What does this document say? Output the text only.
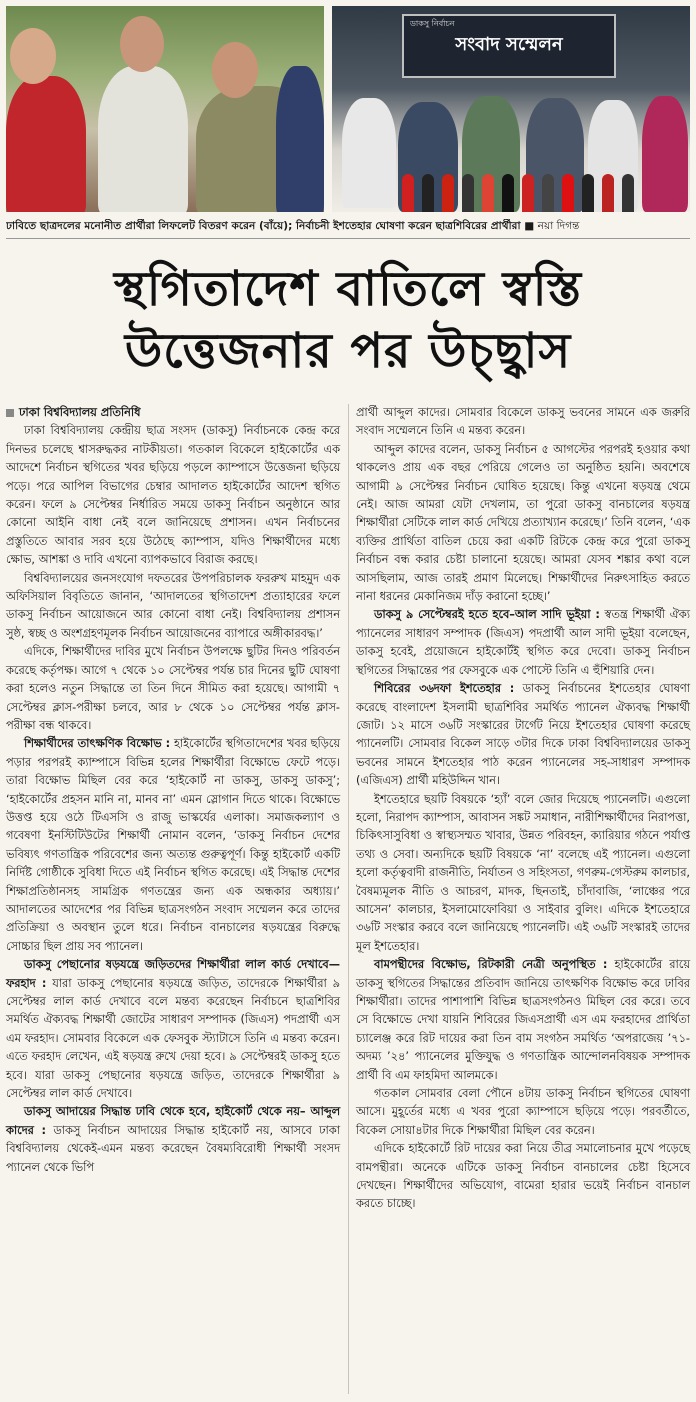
ডাকসু নির্বাচন
সংবাদ সম্মেলন
ঢাবিতে ছাত্রদলের মনোনীত প্রার্থীরা লিফলেট বিতরণ করেন (বাঁয়ে); নির্বাচনী ইশতেহার ঘোষণা করেন ছাত্রশিবিরের প্রার্থীরা ■ নয়া দিগন্ত
স্থগিতাদেশ বাতিলে স্বস্তি
উত্তেজনার পর উচ্ছ্বাস

ঢাকা বিশ্ববিদ্যালয় প্রতিনিধি

ঢাকা বিশ্ববিদ্যালয় কেন্দ্রীয় ছাত্র সংসদ (ডাকসু) নির্বাচনকে কেন্দ্র করে দিনভর চলেছে শ্বাসরুদ্ধকর নাটকীয়তা। গতকাল বিকেলে হাইকোর্টের এক আদেশে নির্বাচন স্থগিতের খবর ছড়িয়ে পড়লে ক্যাম্পাসে উত্তেজনা ছড়িয়ে পড়ে। পরে আপিল বিভাগের চেম্বার আদালত হাইকোর্টের আদেশ স্থগিত করেন। ফলে ৯ সেপ্টেম্বর নির্ধারিত সময়ে ডাকসু নির্বাচন অনুষ্ঠানে আর কোনো আইনি বাধা নেই বলে জানিয়েছে প্রশাসন। এখন নির্বাচনের প্রস্তুতিতে আবার সরব হয়ে উঠেছে ক্যাম্পাস, যদিও শিক্ষার্থীদের মধ্যে ক্ষোভ, আশঙ্কা ও দাবি এখনো ব্যাপকভাবে বিরাজ করছে।

বিশ্ববিদ্যালয়ের জনসংযোগ দফতরের উপপরিচালক ফররুখ মাহমুদ এক অফিসিয়াল বিবৃতিতে জানান, ‘আদালতের স্থগিতাদেশ প্রত্যাহারের ফলে ডাকসু নির্বাচন আয়োজনে আর কোনো বাধা নেই। বিশ্ববিদ্যালয় প্রশাসন সুষ্ঠ, স্বচ্ছ ও অংশগ্রহণমূলক নির্বাচন আয়োজনের ব্যাপারে অঙ্গীকারবদ্ধ।’

এদিকে, শিক্ষার্থীদের দাবির মুখে নির্বাচন উপলক্ষে ছুটির দিনও পরিবর্তন করেছে কর্তৃপক্ষ। আগে ৭ থেকে ১০ সেপ্টেম্বর পর্যন্ত চার দিনের ছুটি ঘোষণা করা হলেও নতুন সিদ্ধান্তে তা তিন দিনে সীমিত করা হয়েছে। আগামী ৭ সেপ্টেম্বর ক্লাস-পরীক্ষা চলবে, আর ৮ থেকে ১০ সেপ্টেম্বর পর্যন্ত ক্লাস-পরীক্ষা বন্ধ থাকবে।

শিক্ষার্থীদের তাৎক্ষণিক বিক্ষোভ : হাইকোর্টের স্থগিতাদেশের খবর ছড়িয়ে পড়ার পরপরই ক্যাম্পাসে বিভিন্ন হলের শিক্ষার্থীরা বিক্ষোভে ফেটে পড়ে। তারা বিক্ষোভ মিছিল বের করে ‘হাইকোর্ট না ডাকসু, ডাকসু ডাকসু’; ‘হাইকোর্টের প্রহসন মানি না, মানব না’ এমন স্লোগান দিতে থাকে। বিক্ষোভে উত্তপ্ত হয়ে ওঠে টিএসসি ও রাজু ভাস্কর্যের এলাকা। সমাজকল্যাণ ও গবেষণা ইনস্টিটিউটের শিক্ষার্থী নোমান বলেন, ‘ডাকসু নির্বাচন দেশের ভবিষ্যৎ গণতান্ত্রিক পরিবেশের জন্য অত্যন্ত গুরুত্বপূর্ণ। কিন্তু হাইকোর্ট একটি নির্দিষ্ট গোষ্ঠীকে সুবিধা দিতে এই নির্বাচন স্থগিত করেছে। এই সিদ্ধান্ত দেশের শিক্ষাপ্রতিষ্ঠানসহ সামগ্রিক গণতন্ত্রের জন্য এক অন্ধকার অধ্যায়।’ আদালতের আদেশের পর বিভিন্ন ছাত্রসংগঠন সংবাদ সম্মেলন করে তাদের প্রতিক্রিয়া ও অবস্থান তুলে ধরে। নির্বাচন বানচালের ষড়যন্ত্রের বিরুদ্ধে সোচ্চার ছিল প্রায় সব প্যানেল।

ডাকসু পেছানোর ষড়যন্ত্রে জড়িতদের শিক্ষার্থীরা লাল কার্ড দেখাবে— ফরহাদ : যারা ডাকসু পেছানোর ষড়যন্ত্রে জড়িত, তাদেরকে শিক্ষার্থীরা ৯ সেপ্টেম্বর লাল কার্ড দেখাবে বলে মন্তব্য করেছেন নির্বাচনে ছাত্রশিবির সমর্থিত ঐক্যবদ্ধ শিক্ষার্থী জোটের সাধারণ সম্পাদক (জিএস) পদপ্রার্থী এস এম ফরহাদ। সোমবার বিকেলে এক ফেসবুক স্ট্যাটাসে তিনি এ মন্তব্য করেন। এতে ফরহাদ লেখেন, এই ষড়যন্ত্র রুখে দেয়া হবে। ৯ সেপ্টেম্বরই ডাকসু হতে হবে। যারা ডাকসু পেছানোর ষড়যন্ত্রে জড়িত, তাদেরকে শিক্ষার্থীরা ৯ সেপ্টেম্বর লাল কার্ড দেখাবে।

ডাকসু আদায়ের সিদ্ধান্ত ঢাবি থেকে হবে, হাইকোর্ট থেকে নয়– আব্দুল কাদের : ডাকসু নির্বাচন আদায়ের সিদ্ধান্ত হাইকোর্ট নয়, আসবে ঢাকা বিশ্ববিদ্যালয় থেকেই-এমন মন্তব্য করেছেন বৈষম্যবিরোধী শিক্ষার্থী সংসদ প্যানেল থেকে ভিপি

প্রার্থী আব্দুল কাদের। সোমবার বিকেলে ডাকসু ভবনের সামনে এক জরুরি সংবাদ সম্মেলনে তিনি এ মন্তব্য করেন।

আব্দুল কাদের বলেন, ডাকসু নির্বাচন ৫ আগস্টের পরপরই হওয়ার কথা থাকলেও প্রায় এক বছর পেরিয়ে গেলেও তা অনুষ্ঠিত হয়নি। অবশেষে আগামী ৯ সেপ্টেম্বর নির্বাচন ঘোষিত হয়েছে। কিন্তু এখনো ষড়যন্ত্র থেমে নেই। আজ আমরা যেটা দেখলাম, তা পুরো ডাকসু বানচালের ষড়যন্ত্র শিক্ষার্থীরা সেটিকে লাল কার্ড দেখিয়ে প্রত্যাখ্যান করেছে।’ তিনি বলেন, ‘এক ব্যক্তির প্রার্থিতা বাতিল চেয়ে করা একটি রিটকে কেন্দ্র করে পুরো ডাকসু নির্বাচন বন্ধ করার চেষ্টা চালানো হয়েছে। আমরা যেসব শঙ্কার কথা বলে আসছিলাম, আজ তারই প্রমাণ মিলেছে। শিক্ষার্থীদের নিরুৎসাহিত করতে নানা ধরনের মেকানিজম দাঁড় করানো হচ্ছে।’

ডাকসু ৯ সেপ্টেম্বরই হতে হবে–আল সাদি ভূইয়া : স্বতন্ত্র শিক্ষার্থী ঐক্য প্যানেলের সাধারণ সম্পাদক (জিএস) পদপ্রার্থী আল সাদী ভূইয়া বলেছেন, ডাকসু হবেই, প্রয়োজনে হাইকোর্টই স্থগিত করে দেবো। ডাকসু নির্বাচন স্থগিতের সিদ্ধান্তের পর ফেসবুকে এক পোস্টে তিনি এ হুঁশিয়ারি দেন।

শিবিরের ৩৬দফা ইশতেহার : ডাকসু নির্বাচনের ইশতেহার ঘোষণা করেছে বাংলাদেশ ইসলামী ছাত্রশিবির সমর্থিত প্যানেল ঐক্যবদ্ধ শিক্ষার্থী জোট। ১২ মাসে ৩৬টি সংস্কারের টার্গেট নিয়ে ইশতেহার ঘোষণা করেছে প্যানেলটি। সোমবার বিকেল সাড়ে ৩টার দিকে ঢাকা বিশ্ববিদ্যালয়ের ডাকসু ভবনের সামনে ইশতেহার পাঠ করেন প্যানেলের সহ-সাধারণ সম্পাদক (এজিএস) প্রার্থী মহিউদ্দিন খান।

ইশতেহারে ছয়টি বিষয়কে ‘হ্যাঁ’ বলে জোর দিয়েছে প্যানেলটি। এগুলো হলো, নিরাপদ ক্যাম্পাস, আবাসন সঙ্কট সমাধান, নারীশিক্ষার্থীদের নিরাপত্তা, চিকিৎসাসুবিধা ও স্বাস্থ্যসম্মত খাবার, উন্নত পরিবহন, ক্যারিয়ার গঠনে পর্যাপ্ত তথ্য ও সেবা। অন্যদিকে ছয়টি বিষয়কে ‘না’ বলেছে এই প্যানেল। এগুলো হলো কর্তৃত্ববাদী রাজনীতি, নির্যাতন ও সহিংসতা, গণরুম-গেস্টরুম কালচার, বৈষম্যমূলক নীতি ও আচরণ, মাদক, ছিনতাই, চাঁদাবাজি, ‘লাঞ্চের পরে আসেন’ কালচার, ইসলামোফোবিয়া ও সাইবার বুলিং। এদিকে ইশতেহারে ৩৬টি সংস্কার করবে বলে জানিয়েছে প্যানেলটি। এই ৩৬টি সংস্কারই তাদের মূল ইশতেহার।

বামপন্থীদের বিক্ষোভ, রিটকারী নেত্রী অনুপস্থিত : হাইকোর্টের রায়ে ডাকসু স্থগিতের সিদ্ধান্তের প্রতিবাদ জানিয়ে তাৎক্ষণিক বিক্ষোভ করে ঢাবির শিক্ষার্থীরা। তাদের পাশাপাশি বিভিন্ন ছাত্রসংগঠনও মিছিল বের করে। তবে সে বিক্ষোভে দেখা যায়নি শিবিরের জিএসপ্রার্থী এস এম ফরহাদের প্রার্থিতা চ্যালেঞ্জ করে রিট দায়ের করা তিন বাম সংগঠন সমর্থিত ‘অপরাজেয় ’৭১-অদম্য ’২৪’ প্যানেলের মুক্তিযুদ্ধ ও গণতান্ত্রিক আন্দোলনবিষয়ক সম্পাদক প্রার্থী বি এম ফাহমিদা আলমকে।

গতকাল সোমবার বেলা পৌনে ৪টায় ডাকসু নির্বাচন স্থগিতের ঘোষণা আসে। মুহূর্তের মধ্যে এ খবর পুরো ক্যাম্পাসে ছড়িয়ে পড়ে। পরবর্তীতে, বিকেল সোয়া৪টার দিকে শিক্ষার্থীরা মিছিল বের করেন।

এদিকে হাইকোর্টে রিট দায়ের করা নিয়ে তীব্র সমালোচনার মুখে পড়েছে বামপন্থীরা। অনেকে এটিকে ডাকসু নির্বাচন বানচালের চেষ্টা হিসেবে দেখছেন। শিক্ষার্থীদের অভিযোগ, বামেরা হারার ভয়েই নির্বাচন বানচাল করতে চাচ্ছে।
